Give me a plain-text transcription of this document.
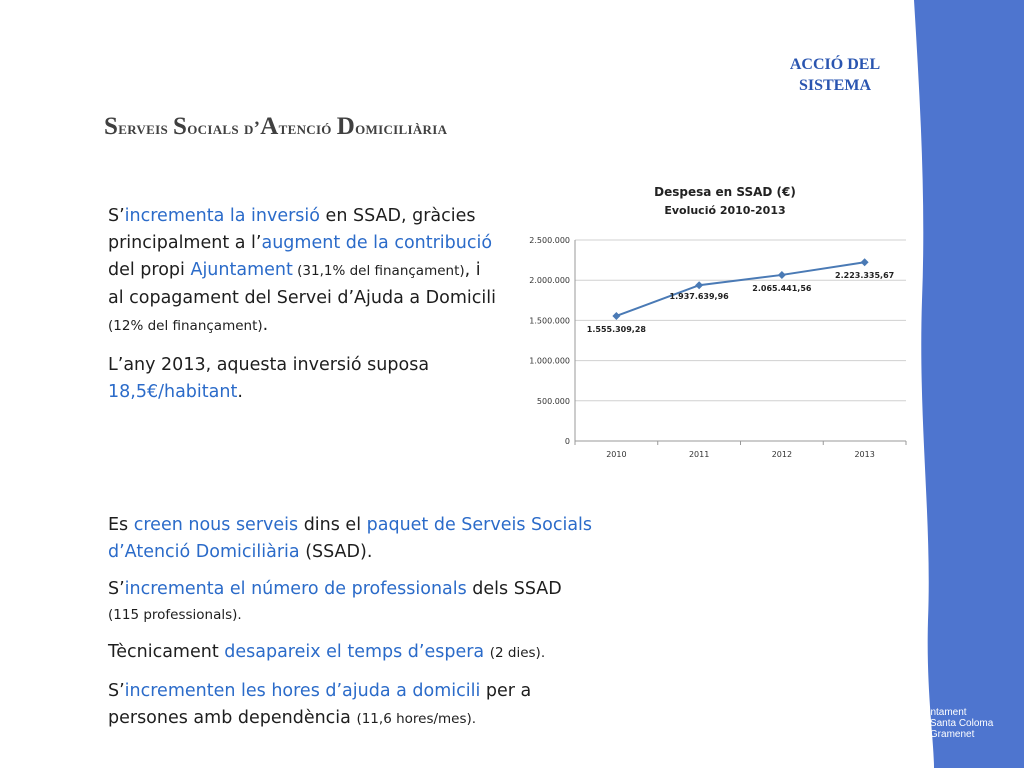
ACCIÓ DEL
SISTEMA
Serveis Socials d’Atenció Domiciliària

S’incrementa la inversió en SSAD, gràcies principalment a l’augment de la contribució del propi Ajuntament (31,1% del finançament), i al copagament del Servei d’Ajuda a Domicili (12% del finançament).

L’any 2013, aquesta inversió suposa 18,5€/habitant.

Es creen nous serveis dins el paquet de Serveis Socials d’Atenció Domiciliària (SSAD).

S’incrementa el número de professionals dels SSAD
(115 professionals).

Tècnicament desapareix el temps d’espera (2 dies).

S’incrementen les hores d’ajuda a domicili per a persones amb dependència (11,6 hores/mes).

Despesa en SSAD (€)
Evolució 2010-2013
0
500.000
1.000.000
1.500.000
2.000.000
2.500.000
2010	2011	2012	2013
1.555.309,28
1.937.639,96
2.065.441,56
2.223.335,67
Ajuntament
de Santa Coloma
de Gramenet
